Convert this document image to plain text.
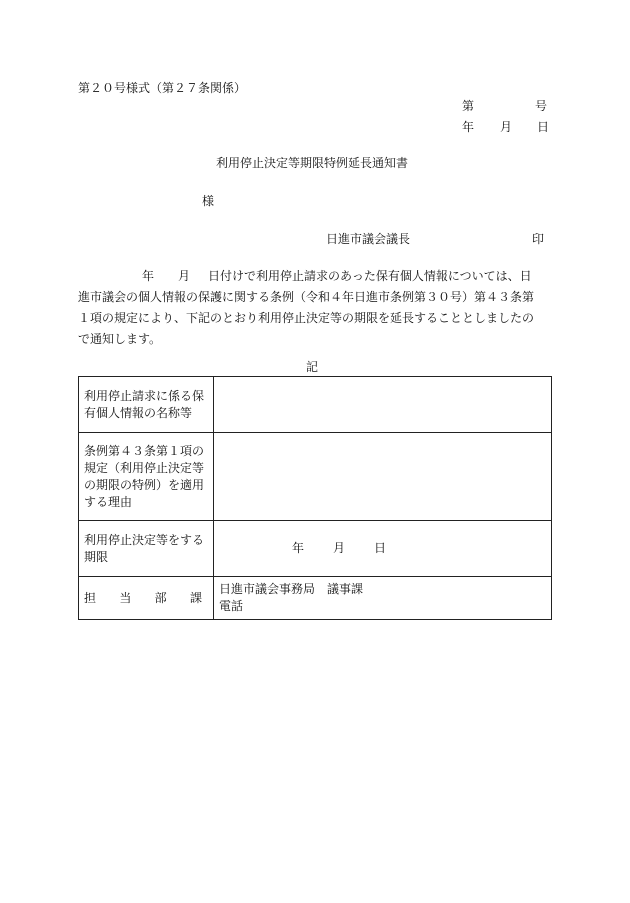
第２０号様式（第２７条関係）
第	号
年 月 日
利用停止決定等期限特例延長通知書
様
日進市議会議長	印
年 月 日付けで利用停止請求のあった保有個人情報については、日
進市議会の個人情報の保護に関する条例（令和４年日進市条例第３０号）第４３条第
１項の規定により、下記のとおり利用停止決定等の期限を延長することとしましたの
で通知します。
記
利用停止請求に係る保
有個人情報の名称等	

条例第４３条第１項の
規定（利用停止決定等
の期限の特例）を適用
する理由	

利用停止決定等をする
期限	年 月 日

担 当 部 課	日進市議会事務局　議事課
電話
